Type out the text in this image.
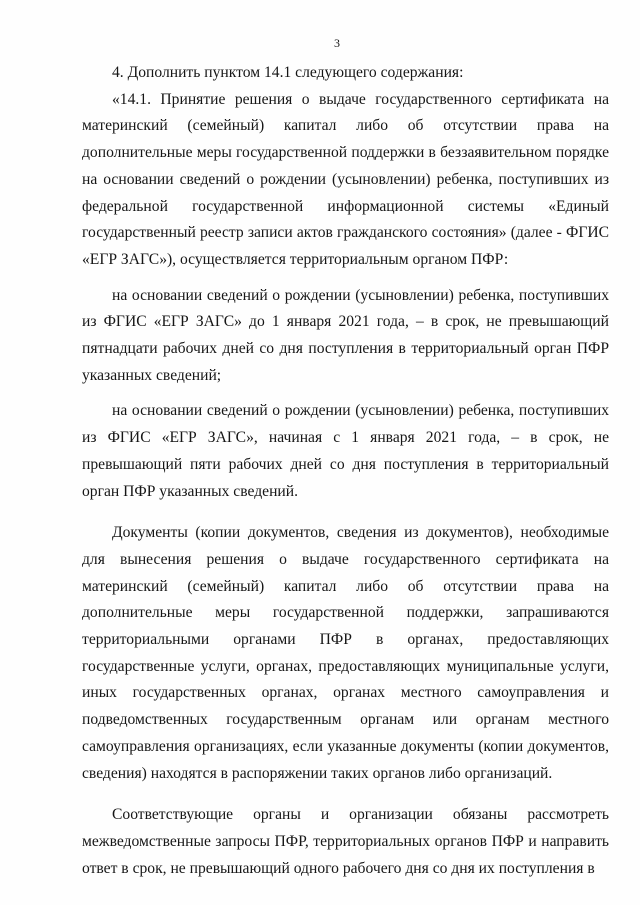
3

4. Дополнить пунктом 14.1 следующего содержания:

«14.1. Принятие решения о выдаче государственного сертификата на материнский (семейный) капитал либо об отсутствии права на дополнительные меры государственной поддержки в беззаявительном порядке на основании сведений о рождении (усыновлении) ребенка, поступивших из федеральной государственной информационной системы «Единый государственный реестр записи актов гражданского состояния» (далее - ФГИС «ЕГР ЗАГС»), осуществляется территориальным органом ПФР:

на основании сведений о рождении (усыновлении) ребенка, поступивших из ФГИС «ЕГР ЗАГС» до 1 января 2021 года, – в срок, не превышающий пятнадцати рабочих дней со дня поступления в территориальный орган ПФР указанных сведений;

на основании сведений о рождении (усыновлении) ребенка, поступивших из ФГИС «ЕГР ЗАГС», начиная с 1 января 2021 года, – в срок, не превышающий пяти рабочих дней со дня поступления в территориальный орган ПФР указанных сведений.

Документы (копии документов, сведения из документов), необходимые для вынесения решения о выдаче государственного сертификата на материнский (семейный) капитал либо об отсутствии права на дополнительные меры государственной поддержки, запрашиваются территориальными органами ПФР в органах, предоставляющих государственные услуги, органах, предоставляющих муниципальные услуги, иных государственных органах, органах местного самоуправления и подведомственных государственным органам или органам местного самоуправления организациях, если указанные документы (копии документов, сведения) находятся в распоряжении таких органов либо организаций.

Соответствующие органы и организации обязаны рассмотреть межведомственные запросы ПФР, территориальных органов ПФР и направить ответ в срок, не превышающий одного рабочего дня со дня их поступления в
